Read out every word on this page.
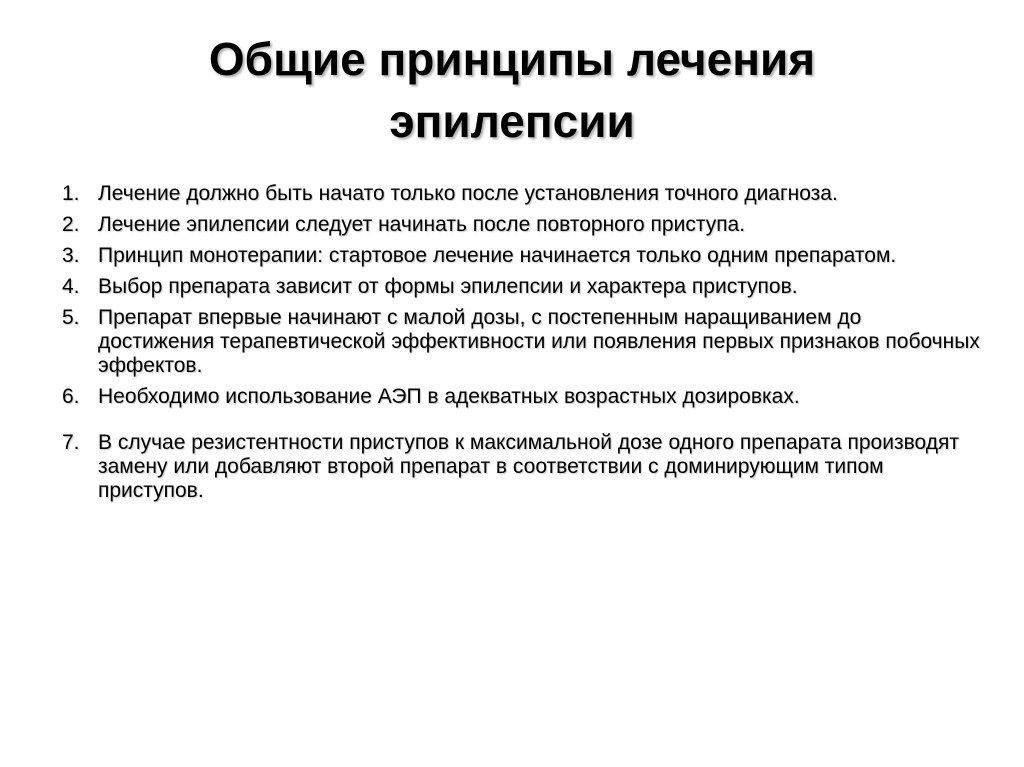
Общие принципы лечения
эпилепсии
1. Лечение должно быть начато только после установления точного диагноза.
2. Лечение эпилепсии следует начинать после повторного приступа.
3. Принцип монотерапии: стартовое лечение начинается только одним препаратом.
4. Выбор препарата зависит от формы эпилепсии и характера приступов.
5. Препарат впервые начинают с малой дозы, с постепенным наращиванием до достижения терапевтической эффективности или появления первых признаков побочных эффектов.
6. Необходимо использование АЭП в адекватных возрастных дозировках.
7. В случае резистентности приступов к максимальной дозе одного препарата производят замену или добавляют второй препарат в соответствии с доминирующим типом приступов.
